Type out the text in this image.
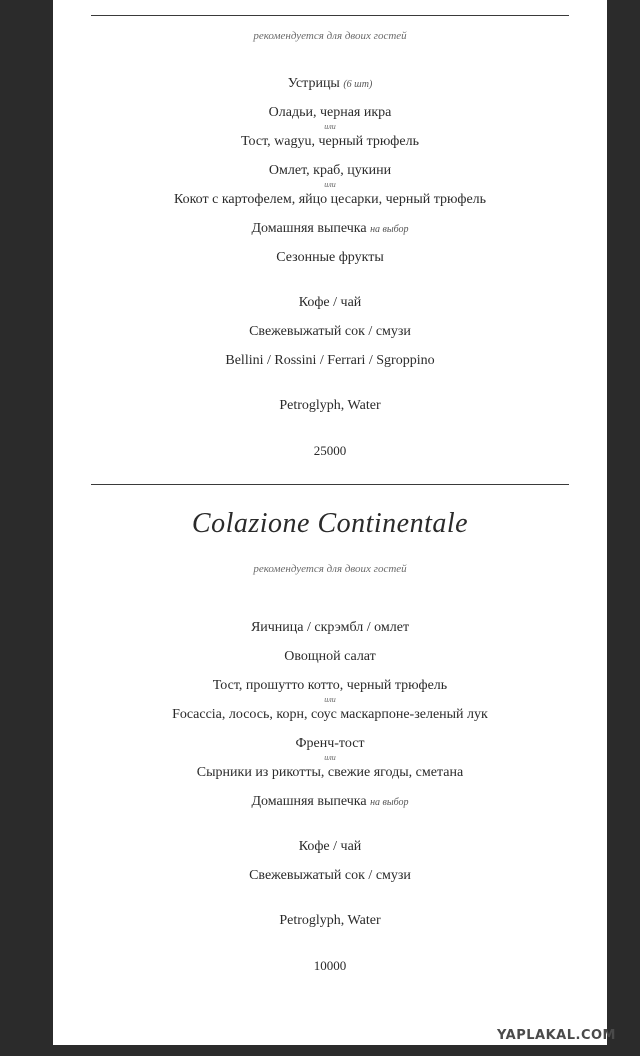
рекомендуется для двоих гостей
Устрицы (6 шт)
Оладьи, черная икра
или
Тост, wagyu, черный трюфель
Омлет, краб, цукини
или
Кокот с картофелем, яйцо цесарки, черный трюфель
Домашняя выпечка на выбор
Сезонные фрукты
Кофе / чай
Свежевыжатый сок / смузи
Bellini / Rossini / Ferrari / Sgroppino
Petroglyph, Water
25000
Colazione Continentale
рекомендуется для двоих гостей
Яичница / скрэмбл / омлет
Овощной салат
Тост, прошутто котто, черный трюфель
или
Focaccia, лосось, корн, соус маскарпоне-зеленый лук
Френч-тост
или
Сырники из рикотты, свежие ягоды, сметана
Домашняя выпечка на выбор
Кофе / чай
Свежевыжатый сок / смузи
Petroglyph, Water
10000
YAPLAKAL.COM
